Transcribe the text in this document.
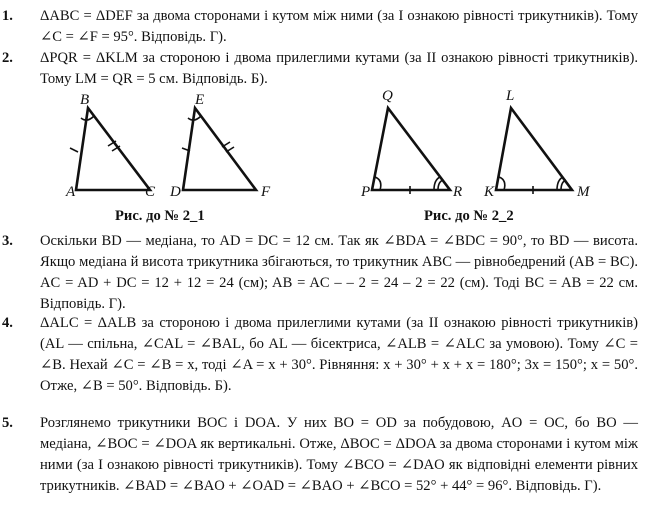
1.	ΔABC = ΔDEF за двома сторонами і кутом між ними (за І ознакою рівності трикутників). Тому ∠C = ∠F = 95°. Відповідь. Г).
2.	ΔPQR = ΔKLM за стороною і двома прилеглими кутами (за ІІ ознакою рівності трикутників). Тому LM = QR = 5 см. Відповідь. Б).
B
A	C
E
D	F
Q
P	R
L
K	M
Рис. до № 2_1	Рис. до № 2_2
3.	Оскільки BD — медіана, то AD = DC = 12 см. Так як ∠BDA = ∠BDC = 90°, то BD — висота. Якщо медіана й висота трикутника збігаються, то трикутник ABC — рівнобедрений (AB = BC). AC = AD + DC = 12 + 12 = 24 (см); AB = AC – – 2 = 24 – 2 = 22 (см). Тоді BC = AB = 22 см. Відповідь. Г).
4.	ΔALC = ΔALB за стороною і двома прилеглими кутами (за ІІ ознакою рівності трикутників) (AL — спільна, ∠CAL = ∠BAL, бо AL — бісектриса, ∠ALB = ∠ALC за умовою). Тому ∠C = ∠B. Нехай ∠C = ∠B = x, тоді ∠A = x + 30°. Рівняння: x + 30° + x + x = 180°; 3x = 150°; x = 50°. Отже, ∠B = 50°. Відповідь. Б).
5.	Розглянемо трикутники BOC і DOA. У них BO = OD за побудовою, AO = OC, бо BO — медіана, ∠BOC = ∠DOA як вертикальні. Отже, ΔBOC = ΔDOA за двома сторонами і кутом між ними (за І ознакою рівності трикутників). Тому ∠BCO = ∠DAO як відповідні елементи рівних трикутників. ∠BAD = ∠BAO + ∠OAD = ∠BAO + ∠BCO = 52° + 44° = 96°. Відповідь. Г).
